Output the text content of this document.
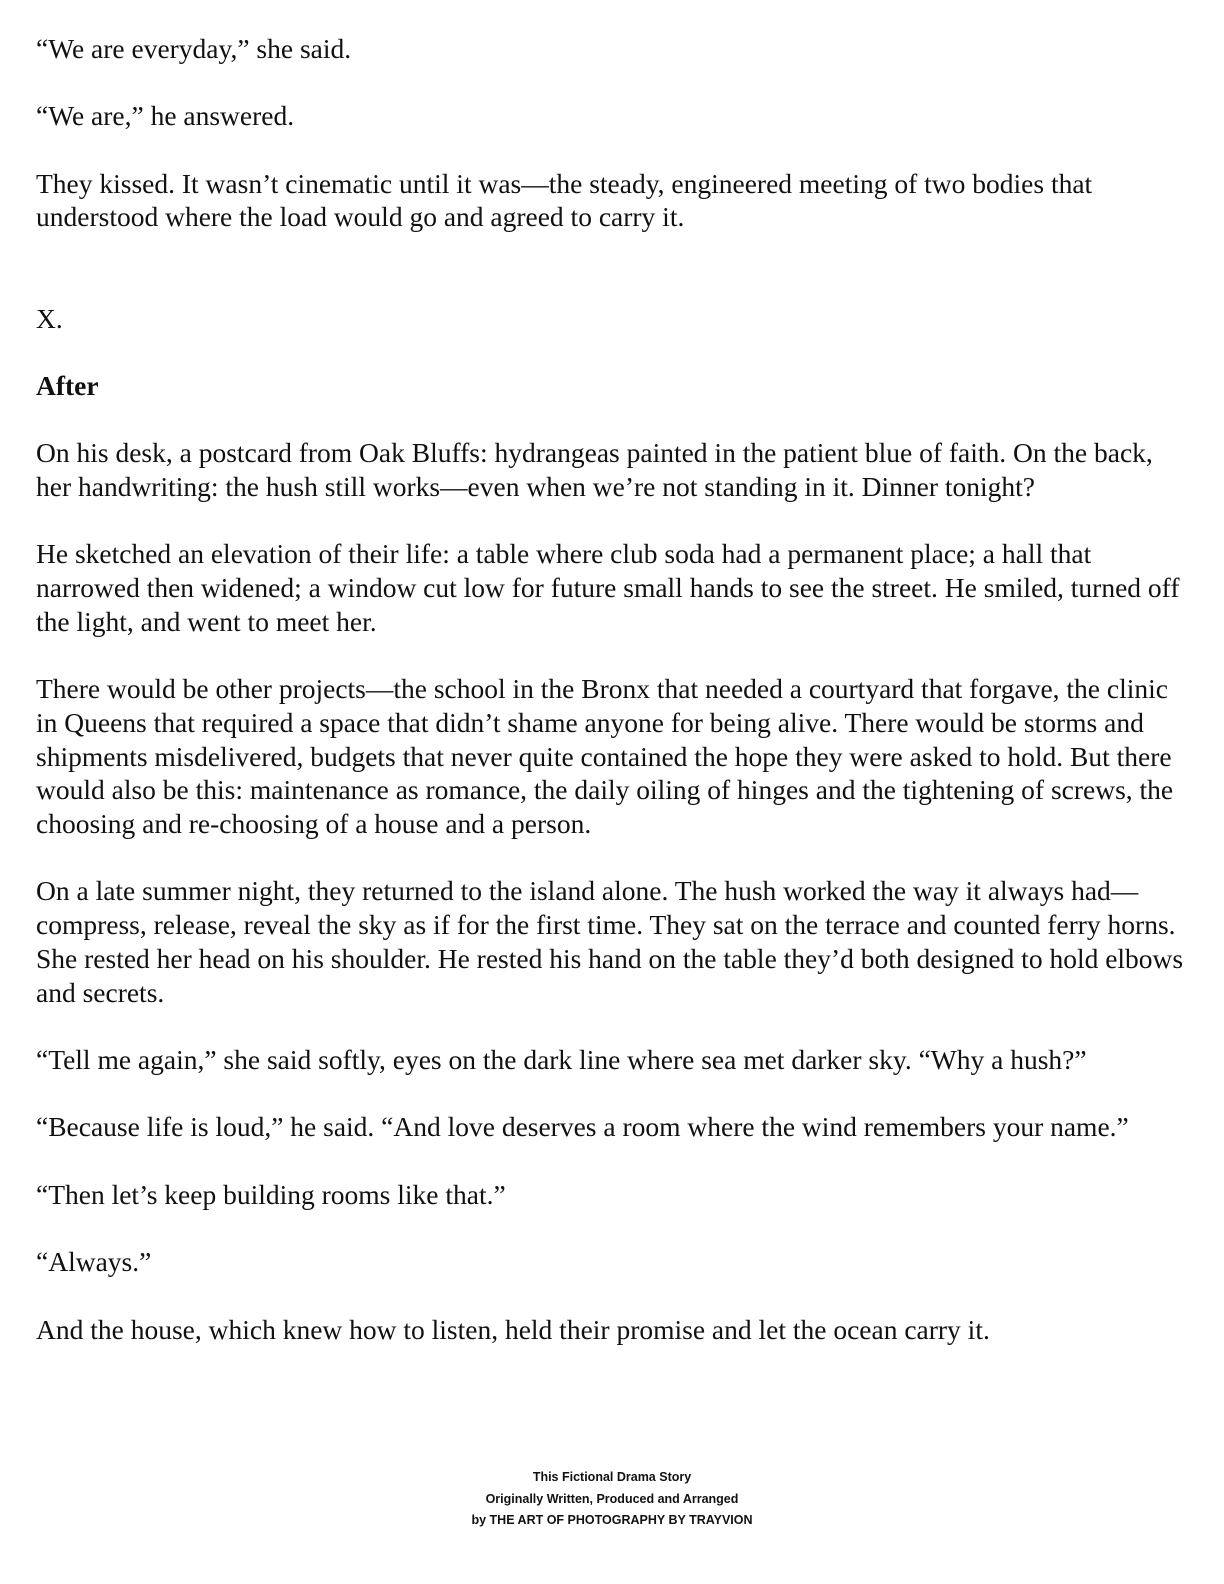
“We are everyday,” she said.

“We are,” he answered.

They kissed. It wasn’t cinematic until it was—the steady, engineered meeting of two bodies that understood where the load would go and agreed to carry it.

X.

After

On his desk, a postcard from Oak Bluffs: hydrangeas painted in the patient blue of faith. On the back, her handwriting: the hush still works—even when we’re not standing in it. Dinner tonight?

He sketched an elevation of their life: a table where club soda had a permanent place; a hall that narrowed then widened; a window cut low for future small hands to see the street. He smiled, turned off the light, and went to meet her.

There would be other projects—the school in the Bronx that needed a courtyard that forgave, the clinic in Queens that required a space that didn’t shame anyone for being alive. There would be storms and shipments misdelivered, budgets that never quite contained the hope they were asked to hold. But there would also be this: maintenance as romance, the daily oiling of hinges and the tightening of screws, the choosing and re-choosing of a house and a person.

On a late summer night, they returned to the island alone. The hush worked the way it always had—compress, release, reveal the sky as if for the first time. They sat on the terrace and counted ferry horns. She rested her head on his shoulder. He rested his hand on the table they’d both designed to hold elbows and secrets.

“Tell me again,” she said softly, eyes on the dark line where sea met darker sky. “Why a hush?”

“Because life is loud,” he said. “And love deserves a room where the wind remembers your name.”

“Then let’s keep building rooms like that.”

“Always.”

And the house, which knew how to listen, held their promise and let the ocean carry it.

This Fictional Drama Story
Originally Written, Produced and Arranged
by THE ART OF PHOTOGRAPHY BY TRAYVION
